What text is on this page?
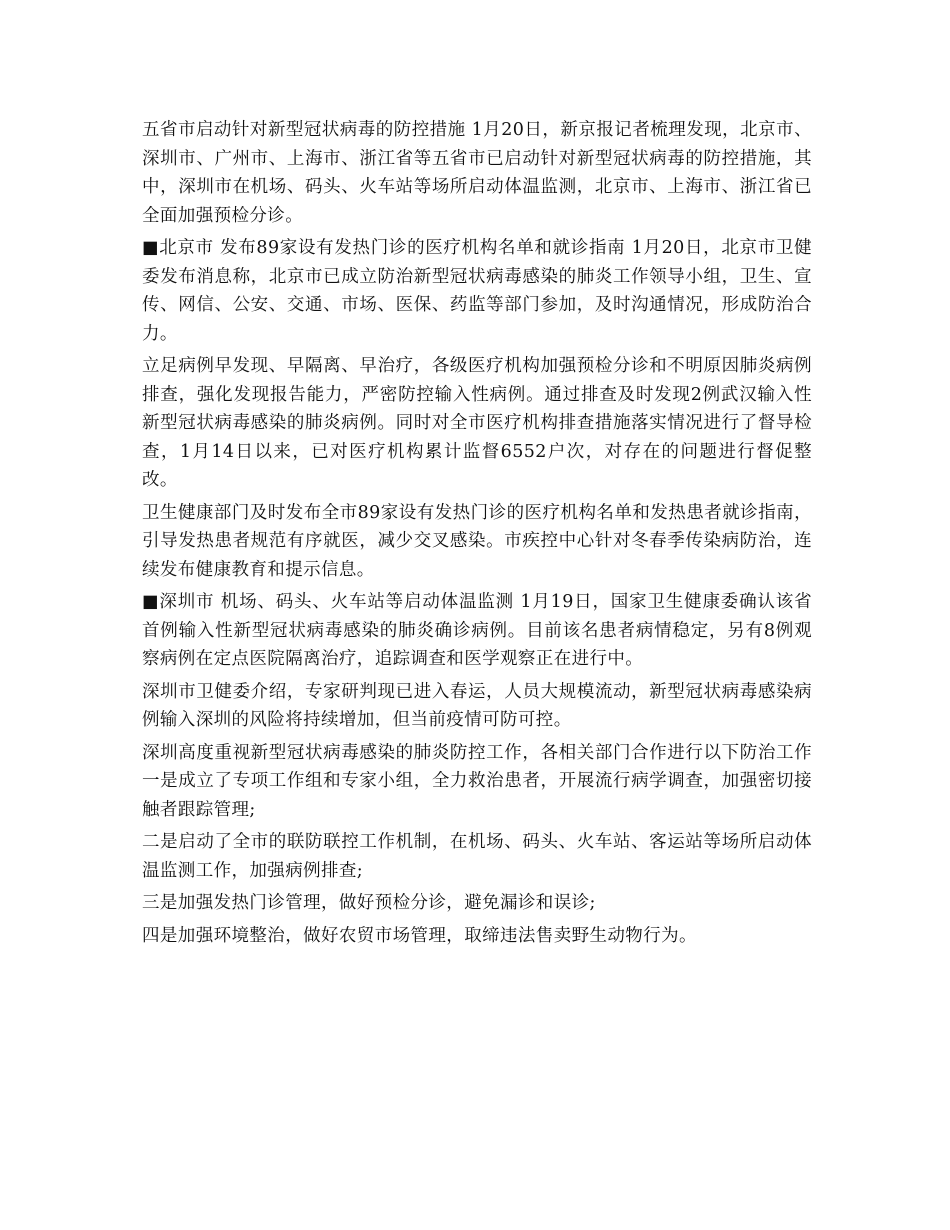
五省市启动针对新型冠状病毒的防控措施 1月20日，新京报记者梳理发现，北京市、深圳市、广州市、上海市、浙江省等五省市已启动针对新型冠状病毒的防控措施，其中，深圳市在机场、码头、火车站等场所启动体温监测，北京市、上海市、浙江省已全面加强预检分诊。

■北京市 发布89家设有发热门诊的医疗机构名单和就诊指南 1月20日，北京市卫健委发布消息称，北京市已成立防治新型冠状病毒感染的肺炎工作领导小组，卫生、宣传、网信、公安、交通、市场、医保、药监等部门参加，及时沟通情况，形成防治合力。

立足病例早发现、早隔离、早治疗，各级医疗机构加强预检分诊和不明原因肺炎病例排查，强化发现报告能力，严密防控输入性病例。通过排查及时发现2例武汉输入性新型冠状病毒感染的肺炎病例。同时对全市医疗机构排查措施落实情况进行了督导检查，1月14日以来，已对医疗机构累计监督6552户次，对存在的问题进行督促整改。

卫生健康部门及时发布全市89家设有发热门诊的医疗机构名单和发热患者就诊指南，引导发热患者规范有序就医，减少交叉感染。市疾控中心针对冬春季传染病防治，连续发布健康教育和提示信息。

■深圳市 机场、码头、火车站等启动体温监测 1月19日，国家卫生健康委确认该省首例输入性新型冠状病毒感染的肺炎确诊病例。目前该名患者病情稳定，另有8例观察病例在定点医院隔离治疗，追踪调查和医学观察正在进行中。

深圳市卫健委介绍，专家研判现已进入春运，人员大规模流动，新型冠状病毒感染病例输入深圳的风险将持续增加，但当前疫情可防可控。

深圳高度重视新型冠状病毒感染的肺炎防控工作，各相关部门合作进行以下防治工作一是成立了专项工作组和专家小组，全力救治患者，开展流行病学调查，加强密切接触者跟踪管理;

二是启动了全市的联防联控工作机制，在机场、码头、火车站、客运站等场所启动体温监测工作，加强病例排查;

三是加强发热门诊管理，做好预检分诊，避免漏诊和误诊;

四是加强环境整治，做好农贸市场管理，取缔违法售卖野生动物行为。
